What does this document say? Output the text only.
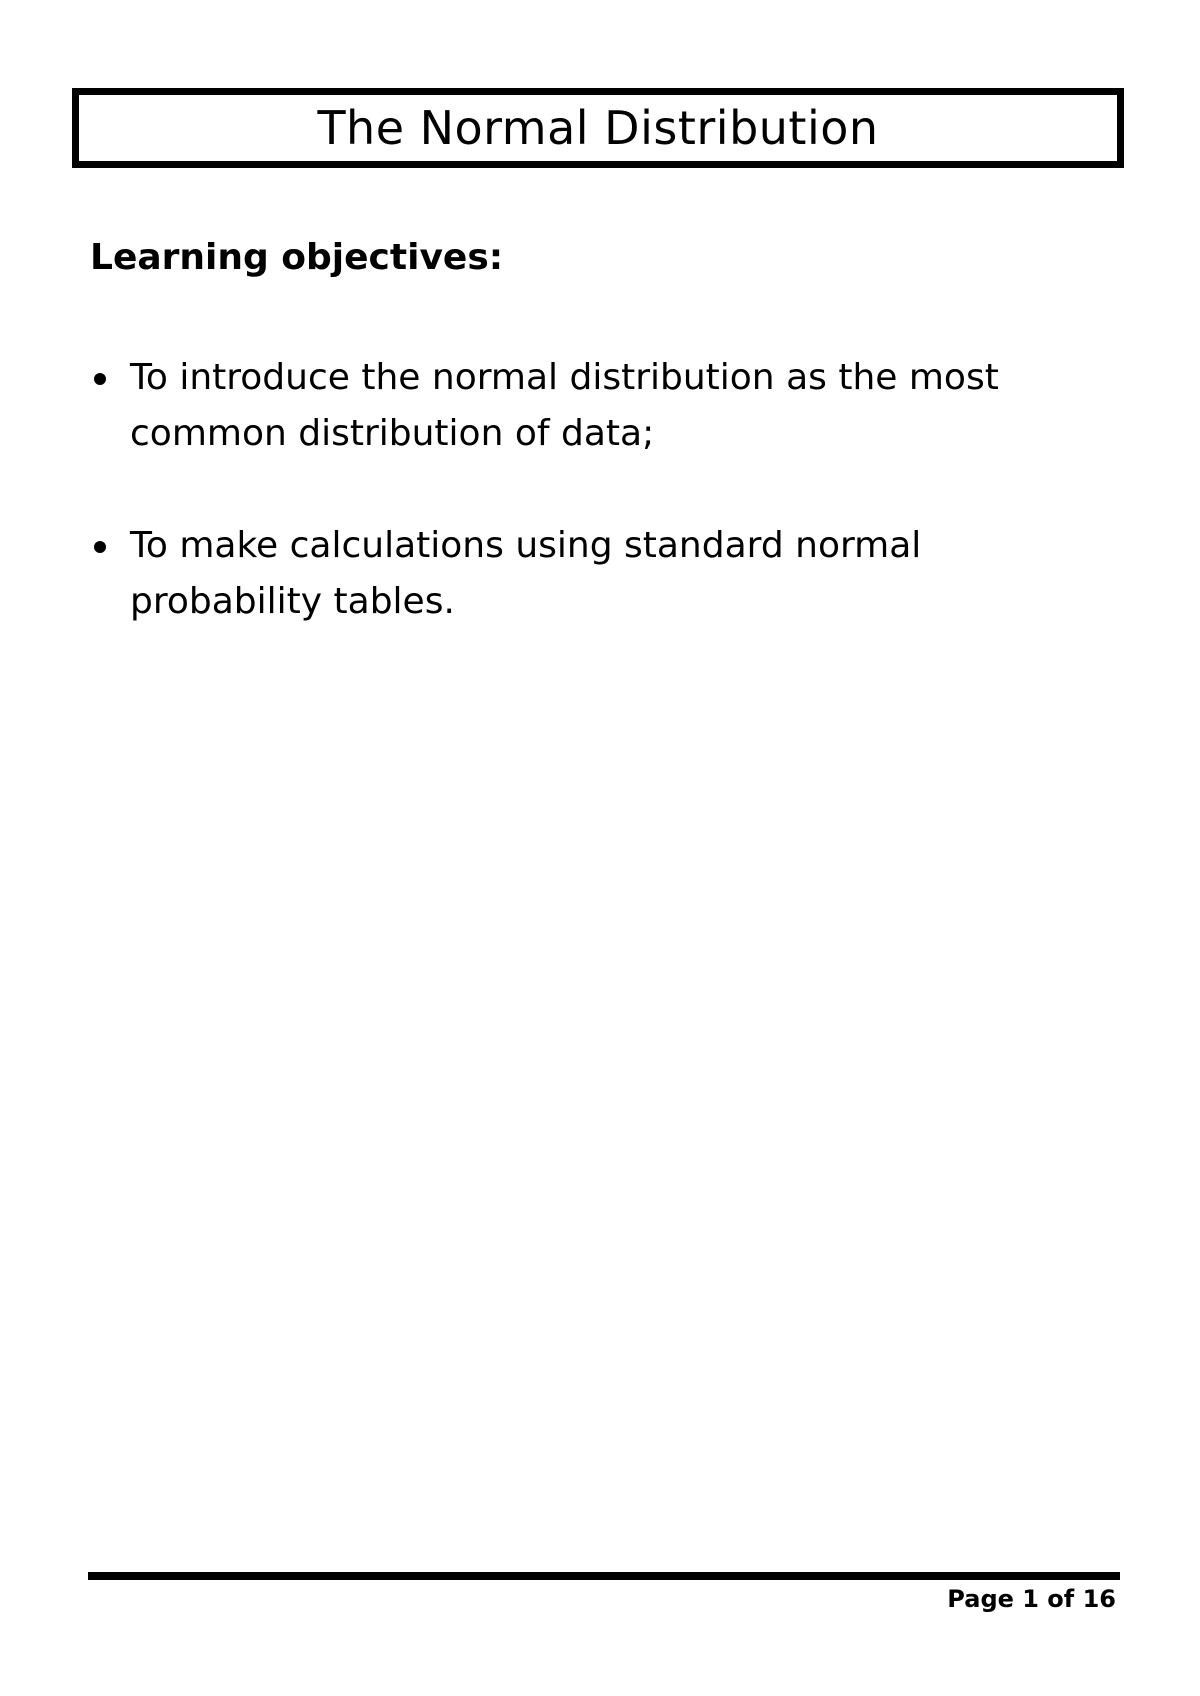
The Normal Distribution
Learning objectives:
To introduce the normal distribution as the most common distribution of data;
To make calculations using standard normal probability tables.
Page 1 of 16
